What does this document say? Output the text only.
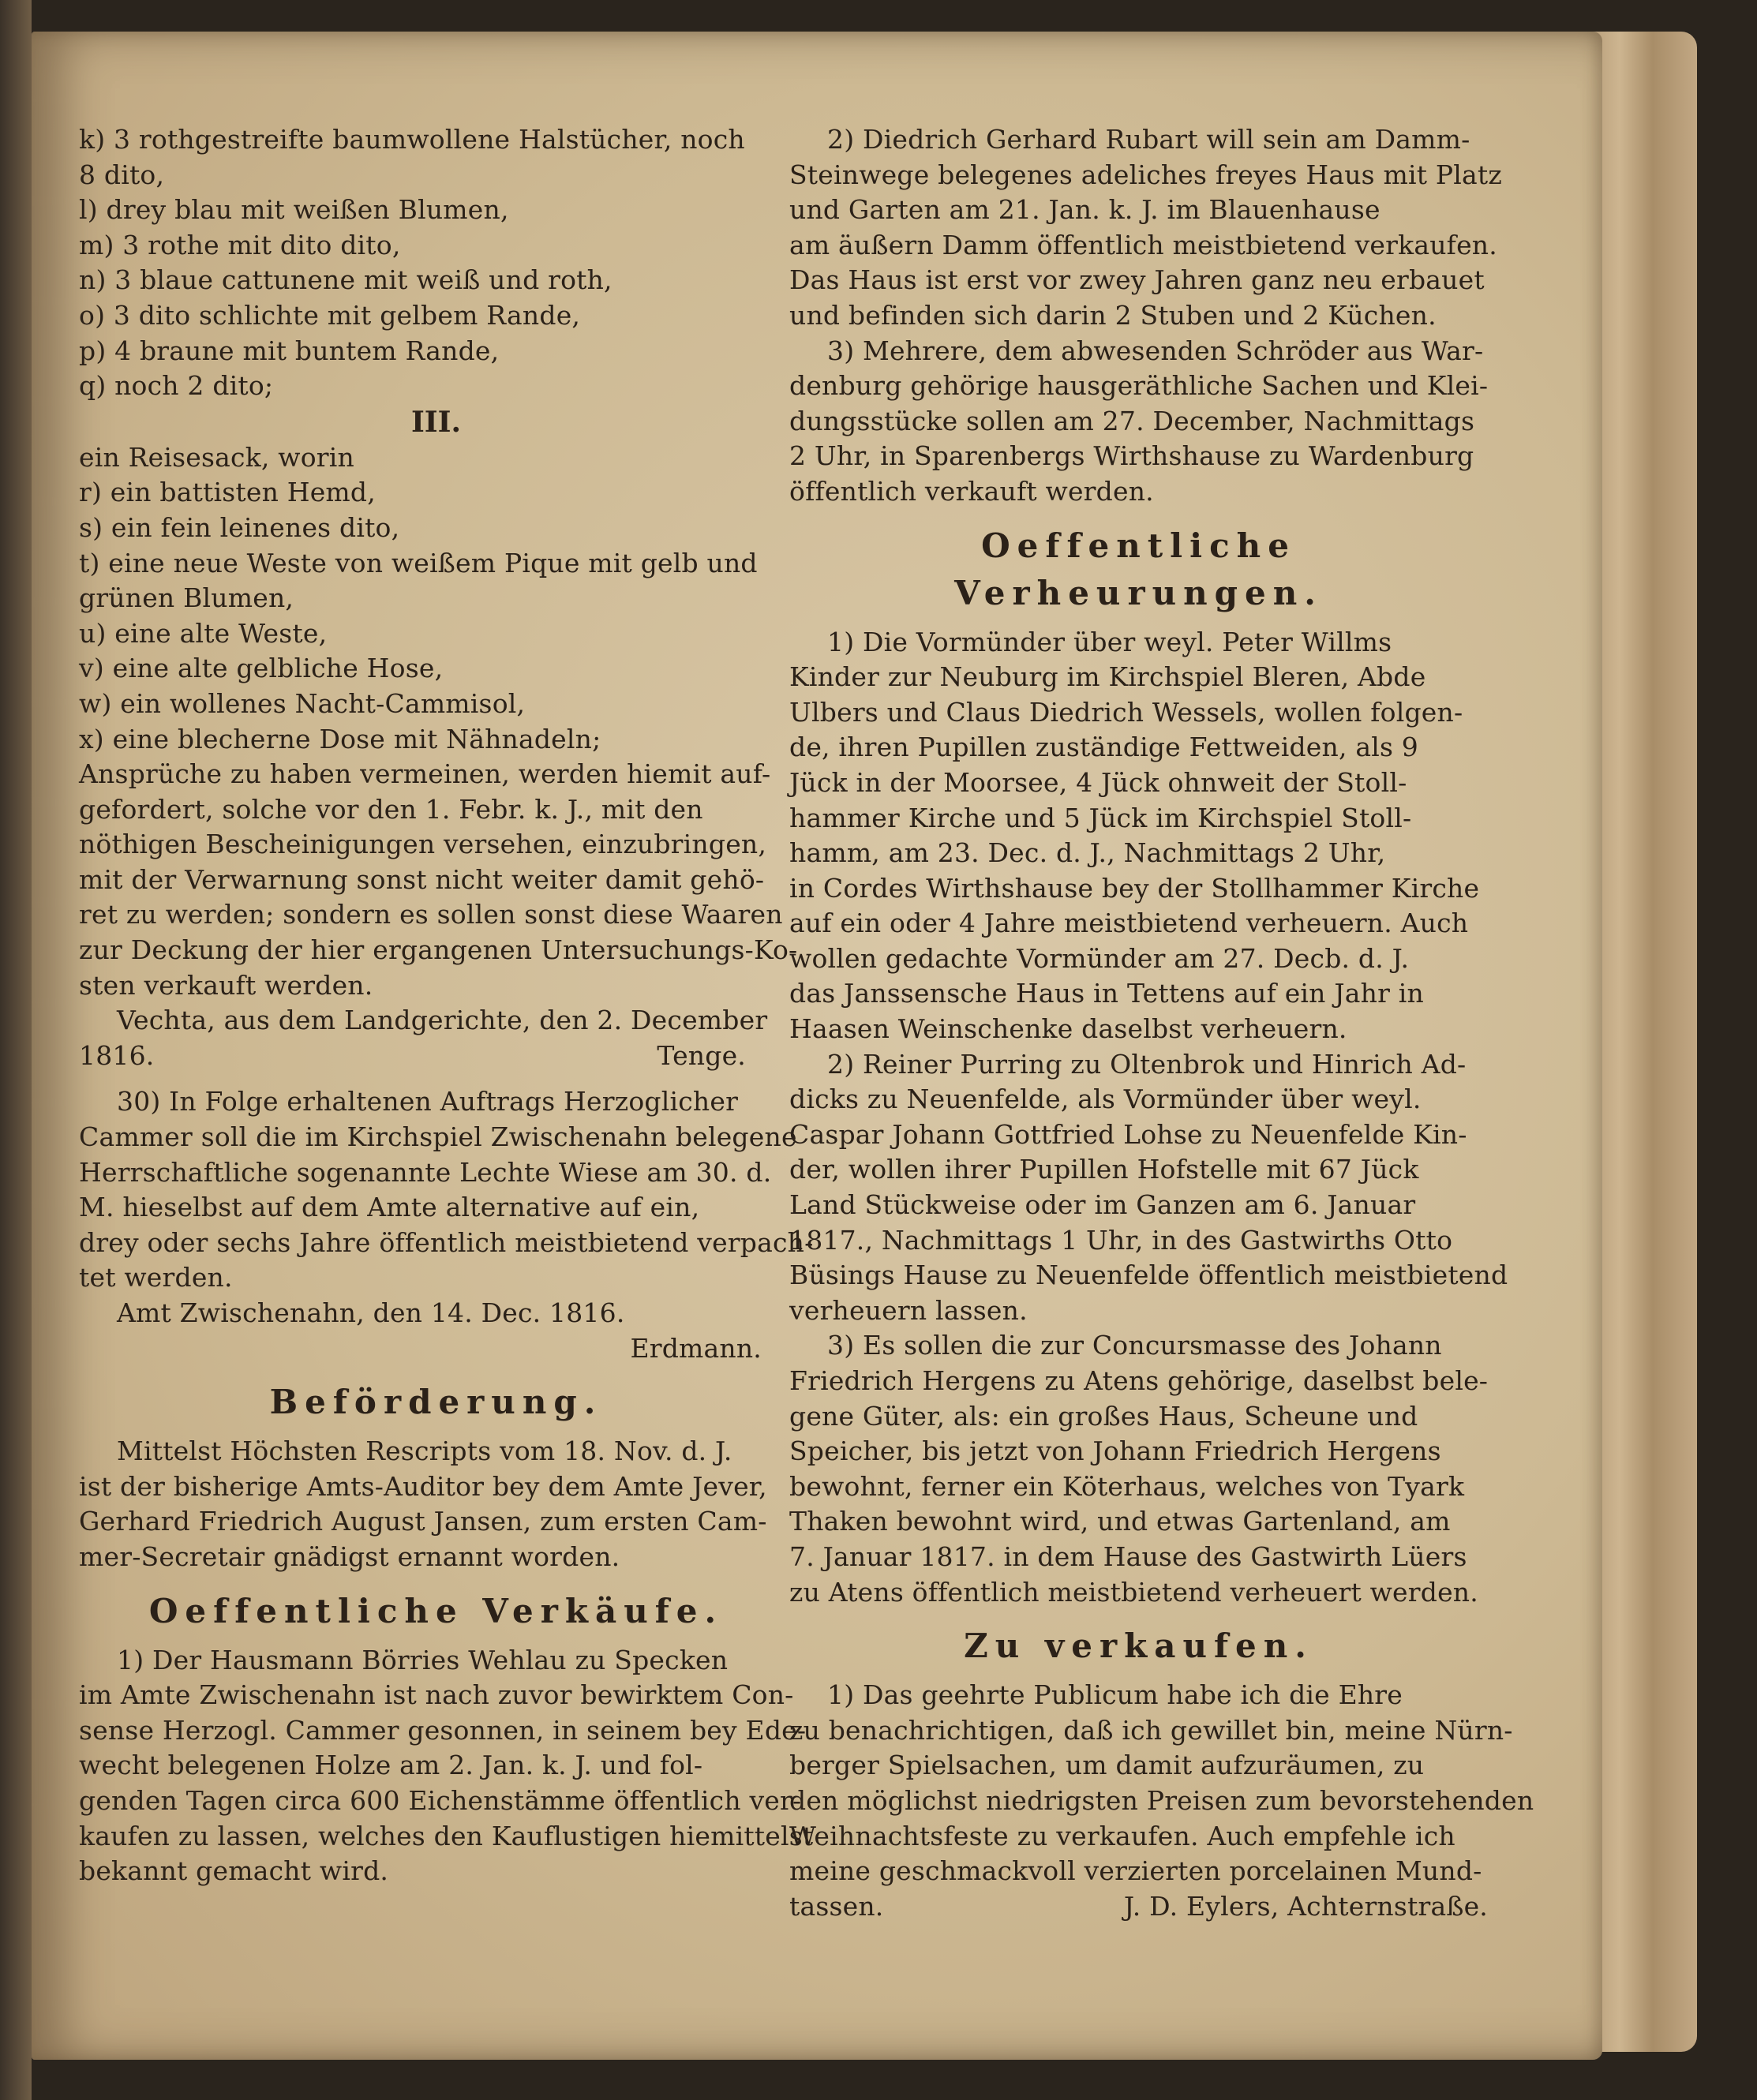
k) 3 rothgestreifte baumwollene Halstücher, noch
8 dito,
l) drey blau mit weißen Blumen,
m) 3 rothe mit dito dito,
n) 3 blaue cattunene mit weiß und roth,
o) 3 dito schlichte mit gelbem Rande,
p) 4 braune mit buntem Rande,
q) noch 2 dito;
III.
ein Reisesack, worin
r) ein battisten Hemd,
s) ein fein leinenes dito,
t) eine neue Weste von weißem Pique mit gelb und
grünen Blumen,
u) eine alte Weste,
v) eine alte gelbliche Hose,
w) ein wollenes Nacht-Cammisol,
x) eine blecherne Dose mit Nähnadeln;
Ansprüche zu haben vermeinen, werden hiemit auf-
gefordert, solche vor den 1. Febr. k. J., mit den
nöthigen Bescheinigungen versehen, einzubringen,
mit der Verwarnung sonst nicht weiter damit gehö-
ret zu werden; sondern es sollen sonst diese Waaren
zur Deckung der hier ergangenen Untersuchungs-Ko-
sten verkauft werden.
Vechta, aus dem Landgerichte, den 2. December
1816.	Tenge.
30) In Folge erhaltenen Auftrags Herzoglicher
Cammer soll die im Kirchspiel Zwischenahn belegene
Herrschaftliche sogenannte Lechte Wiese am 30. d.
M. hieselbst auf dem Amte alternative auf ein,
drey oder sechs Jahre öffentlich meistbietend verpach-
tet werden.
Amt Zwischenahn, den 14. Dec. 1816.
Erdmann.
Beförderung.
Mittelst Höchsten Rescripts vom 18. Nov. d. J.
ist der bisherige Amts-Auditor bey dem Amte Jever,
Gerhard Friedrich August Jansen, zum ersten Cam-
mer-Secretair gnädigst ernannt worden.
Oeffentliche Verkäufe.
1) Der Hausmann Börries Wehlau zu Specken
im Amte Zwischenahn ist nach zuvor bewirktem Con-
sense Herzogl. Cammer gesonnen, in seinem bey Ede-
wecht belegenen Holze am 2. Jan. k. J. und fol-
genden Tagen circa 600 Eichenstämme öffentlich ver-
kaufen zu lassen, welches den Kauflustigen hiemittelst
bekannt gemacht wird.
2) Diedrich Gerhard Rubart will sein am Damm-
Steinwege belegenes adeliches freyes Haus mit Platz
und Garten am 21. Jan. k. J. im Blauenhause
am äußern Damm öffentlich meistbietend verkaufen.
Das Haus ist erst vor zwey Jahren ganz neu erbauet
und befinden sich darin 2 Stuben und 2 Küchen.
3) Mehrere, dem abwesenden Schröder aus War-
denburg gehörige hausgeräthliche Sachen und Klei-
dungsstücke sollen am 27. December, Nachmittags
2 Uhr, in Sparenbergs Wirthshause zu Wardenburg
öffentlich verkauft werden.
Oeffentliche Verheurungen.
1) Die Vormünder über weyl. Peter Willms
Kinder zur Neuburg im Kirchspiel Bleren, Abde
Ulbers und Claus Diedrich Wessels, wollen folgen-
de, ihren Pupillen zuständige Fettweiden, als 9
Jück in der Moorsee, 4 Jück ohnweit der Stoll-
hammer Kirche und 5 Jück im Kirchspiel Stoll-
hamm, am 23. Dec. d. J., Nachmittags 2 Uhr,
in Cordes Wirthshause bey der Stollhammer Kirche
auf ein oder 4 Jahre meistbietend verheuern. Auch
wollen gedachte Vormünder am 27. Decb. d. J.
das Janssensche Haus in Tettens auf ein Jahr in
Haasen Weinschenke daselbst verheuern.
2) Reiner Purring zu Oltenbrok und Hinrich Ad-
dicks zu Neuenfelde, als Vormünder über weyl.
Caspar Johann Gottfried Lohse zu Neuenfelde Kin-
der, wollen ihrer Pupillen Hofstelle mit 67 Jück
Land Stückweise oder im Ganzen am 6. Januar
1817., Nachmittags 1 Uhr, in des Gastwirths Otto
Büsings Hause zu Neuenfelde öffentlich meistbietend
verheuern lassen.
3) Es sollen die zur Concursmasse des Johann
Friedrich Hergens zu Atens gehörige, daselbst bele-
gene Güter, als: ein großes Haus, Scheune und
Speicher, bis jetzt von Johann Friedrich Hergens
bewohnt, ferner ein Köterhaus, welches von Tyark
Thaken bewohnt wird, und etwas Gartenland, am
7. Januar 1817. in dem Hause des Gastwirth Lüers
zu Atens öffentlich meistbietend verheuert werden.
Zu verkaufen.
1) Das geehrte Publicum habe ich die Ehre
zu benachrichtigen, daß ich gewillet bin, meine Nürn-
berger Spielsachen, um damit aufzuräumen, zu
den möglichst niedrigsten Preisen zum bevorstehenden
Weihnachtsfeste zu verkaufen. Auch empfehle ich
meine geschmackvoll verzierten porcelainen Mund-
tassen.	J. D. Eylers, Achternstraße.
